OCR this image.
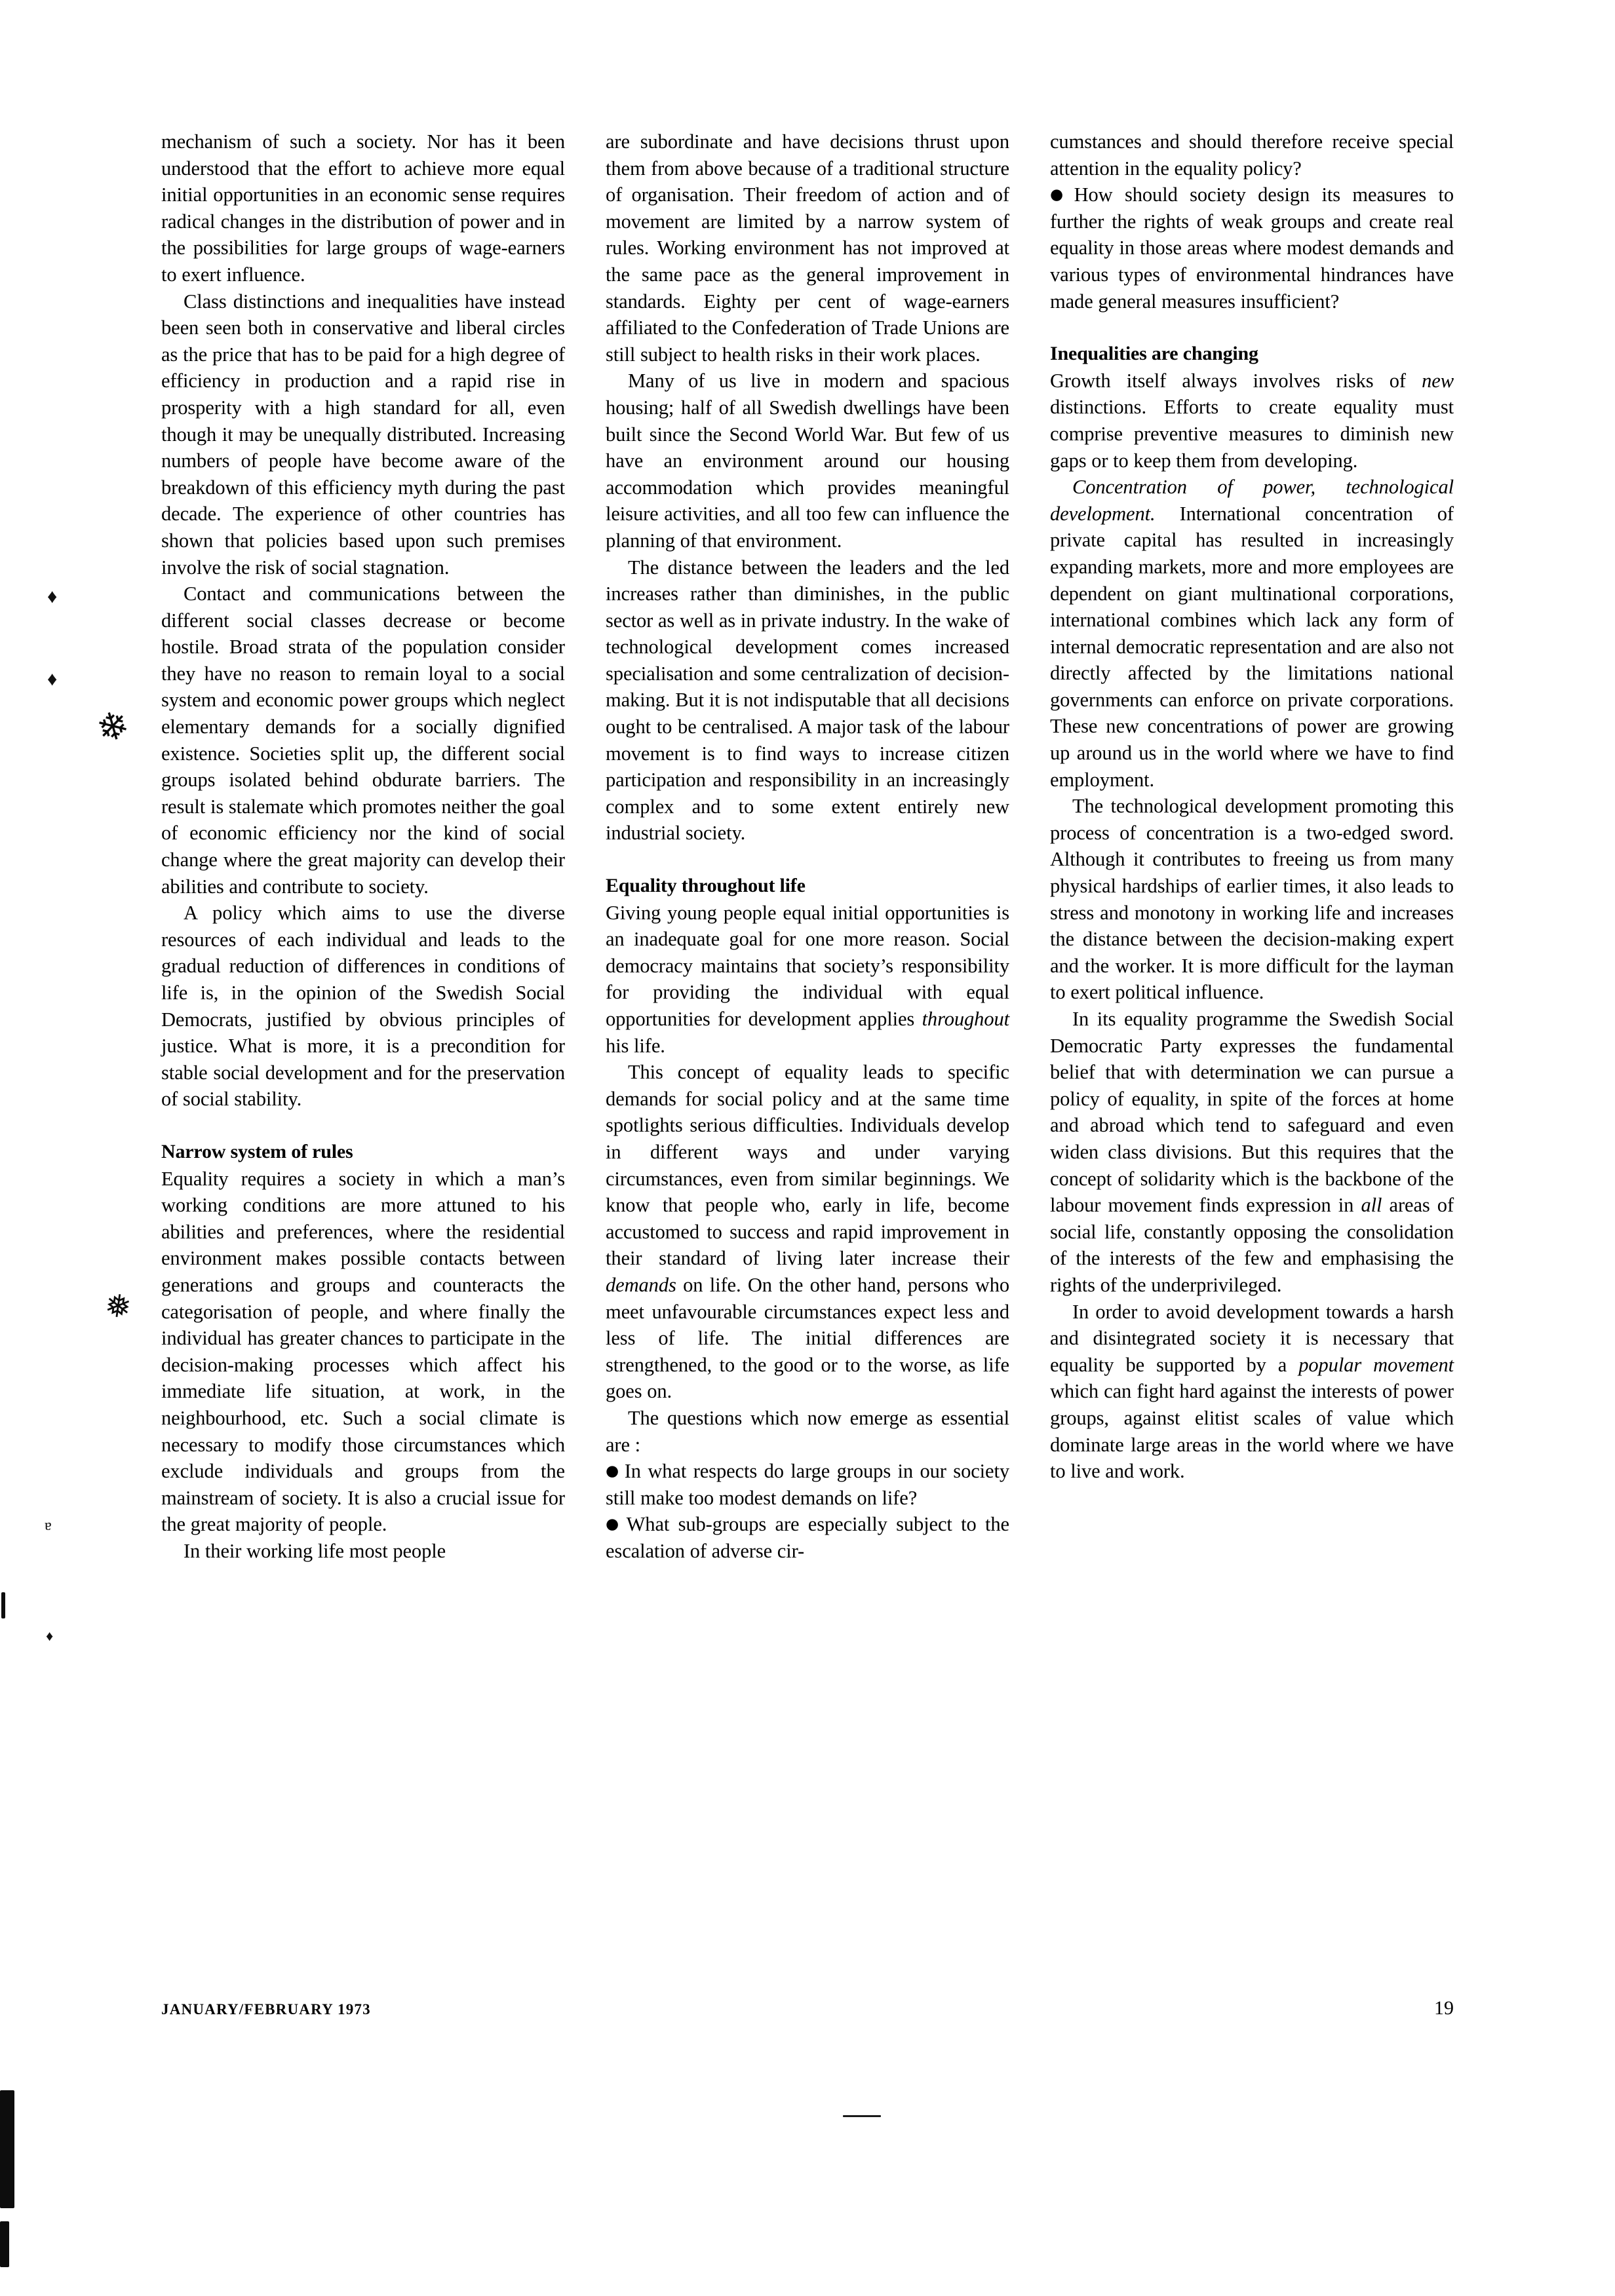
♦
♦
ɐ
♦
❄
❅

mechanism of such a society. Nor has it been understood that the effort to achieve more equal initial opportunities in an economic sense requires radical changes in the distribution of power and in the possibilities for large groups of wage-earners to exert influence.

Class distinctions and inequalities have instead been seen both in conservative and liberal circles as the price that has to be paid for a high degree of efficiency in production and a rapid rise in prosperity with a high standard for all, even though it may be unequally distributed. Increasing numbers of people have become aware of the breakdown of this efficiency myth during the past decade. The experience of other countries has shown that policies based upon such premises involve the risk of social stagnation.

Contact and communications between the different social classes decrease or become hostile. Broad strata of the population consider they have no reason to remain loyal to a social system and economic power groups which neglect elementary demands for a socially dignified existence. Societies split up, the different social groups isolated behind obdurate barriers. The result is stalemate which promotes neither the goal of economic efficiency nor the kind of social change where the great majority can develop their abilities and contribute to society.

A policy which aims to use the diverse resources of each individual and leads to the gradual reduction of differences in conditions of life is, in the opinion of the Swedish Social Democrats, justified by obvious principles of justice. What is more, it is a precondition for stable social development and for the preservation of social stability.

Narrow system of rules

Equality requires a society in which a man’s working conditions are more attuned to his abilities and preferences, where the residential environment makes possible contacts between generations and groups and counteracts the categorisation of people, and where finally the individual has greater chances to participate in the decision-making processes which affect his immediate life situation, at work, in the neighbourhood, etc. Such a social climate is necessary to modify those circumstances which exclude individuals and groups from the mainstream of society. It is also a crucial issue for the great majority of people.

In their working life most people

are subordinate and have decisions thrust upon them from above because of a traditional structure of organisation. Their freedom of action and of movement are limited by a narrow system of rules. Working environment has not improved at the same pace as the general improvement in standards. Eighty per cent of wage-earners affiliated to the Confederation of Trade Unions are still subject to health risks in their work places.

Many of us live in modern and spacious housing; half of all Swedish dwellings have been built since the Second World War. But few of us have an environment around our housing accommodation which provides meaningful leisure activities, and all too few can influence the planning of that environment.

The distance between the leaders and the led increases rather than diminishes, in the public sector as well as in private industry. In the wake of technological development comes increased specialisation and some centralization of decision-making. But it is not indisputable that all decisions ought to be centralised. A major task of the labour movement is to find ways to increase citizen participation and responsibility in an increasingly complex and to some extent entirely new industrial society.

Equality throughout life

Giving young people equal initial opportunities is an inadequate goal for one more reason. Social democracy maintains that society’s responsibility for providing the individual with equal opportunities for development applies throughout his life.

This concept of equality leads to specific demands for social policy and at the same time spotlights serious difficulties. Individuals develop in different ways and under varying circumstances, even from similar beginnings. We know that people who, early in life, become accustomed to success and rapid improvement in their standard of living later increase their demands on life. On the other hand, persons who meet unfavourable circumstances expect less and less of life. The initial differences are strengthened, to the good or to the worse, as life goes on.

The questions which now emerge as essential are :

● In what respects do large groups in our society still make too modest demands on life?

● What sub-groups are especially subject to the escalation of adverse cir-

cumstances and should therefore receive special attention in the equality policy?

● How should society design its measures to further the rights of weak groups and create real equality in those areas where modest demands and various types of environmental hindrances have made general measures insufficient?

Inequalities are changing

Growth itself always involves risks of new distinctions. Efforts to create equality must comprise preventive measures to diminish new gaps or to keep them from developing.

Concentration of power, technological development. International concentration of private capital has resulted in increasingly expanding markets, more and more employees are dependent on giant multinational corporations, international combines which lack any form of internal democratic representation and are also not directly affected by the limitations national governments can enforce on private corporations. These new concentrations of power are growing up around us in the world where we have to find employment.

The technological development promoting this process of concentration is a two-edged sword. Although it contributes to freeing us from many physical hardships of earlier times, it also leads to stress and monotony in working life and increases the distance between the decision-making expert and the worker. It is more difficult for the layman to exert political influence.

In its equality programme the Swedish Social Democratic Party expresses the fundamental belief that with determination we can pursue a policy of equality, in spite of the forces at home and abroad which tend to safeguard and even widen class divisions. But this requires that the concept of solidarity which is the backbone of the labour movement finds expression in all areas of social life, constantly opposing the consolidation of the interests of the few and emphasising the rights of the underprivileged.

In order to avoid development towards a harsh and disintegrated society it is necessary that equality be supported by a popular movement which can fight hard against the interests of power groups, against elitist scales of value which dominate large areas in the world where we have to live and work.

JANUARY/FEBRUARY 1973	19
